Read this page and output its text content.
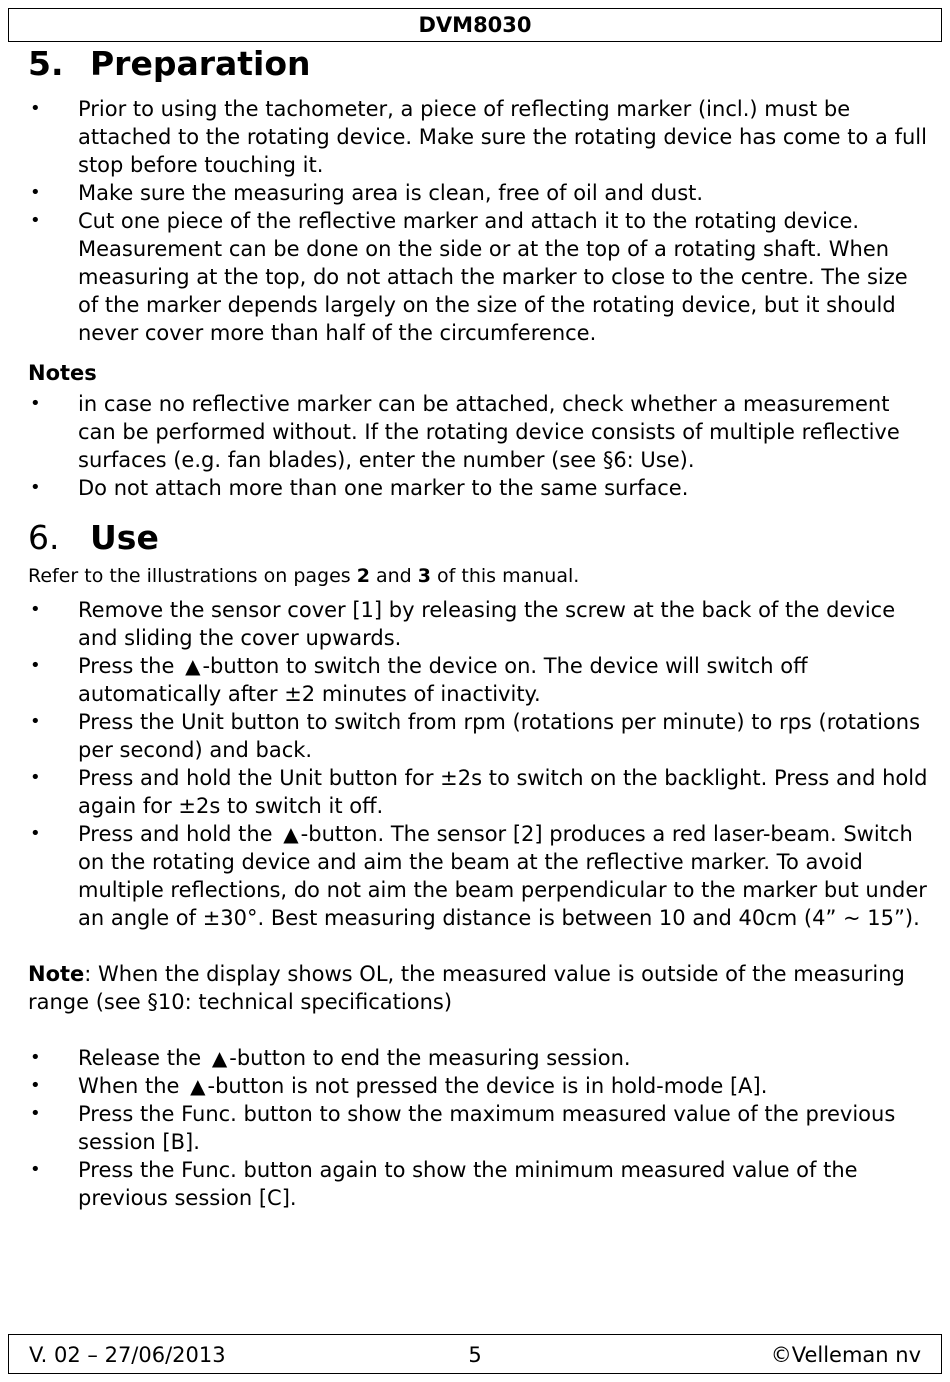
DVM8030
5. Preparation
• Prior to using the tachometer, a piece of reflecting marker (incl.) must be attached to the rotating device. Make sure the rotating device has come to a full stop before touching it.
• Make sure the measuring area is clean, free of oil and dust.
• Cut one piece of the reflective marker and attach it to the rotating device. Measurement can be done on the side or at the top of a rotating shaft. When measuring at the top, do not attach the marker to close to the centre. The size of the marker depends largely on the size of the rotating device, but it should never cover more than half of the circumference.
Notes
• in case no reflective marker can be attached, check whether a measurement can be performed without. If the rotating device consists of multiple reflective surfaces (e.g. fan blades), enter the number (see §6: Use).
• Do not attach more than one marker to the same surface.
6. Use
Refer to the illustrations on pages 2 and 3 of this manual.
• Remove the sensor cover [1] by releasing the screw at the back of the device and sliding the cover upwards.
• Press the ▲-button to switch the device on. The device will switch off automatically after ±2 minutes of inactivity.
• Press the Unit button to switch from rpm (rotations per minute) to rps (rotations per second) and back.
• Press and hold the Unit button for ±2s to switch on the backlight. Press and hold again for ±2s to switch it off.
• Press and hold the ▲-button. The sensor [2] produces a red laser-beam. Switch on the rotating device and aim the beam at the reflective marker. To avoid multiple reflections, do not aim the beam perpendicular to the marker but under an angle of ±30°. Best measuring distance is between 10 and 40cm (4” ~ 15”).
Note: When the display shows OL, the measured value is outside of the measuring range (see §10: technical specifications)
• Release the ▲-button to end the measuring session.
• When the ▲-button is not pressed the device is in hold-mode [A].
• Press the Func. button to show the maximum measured value of the previous session [B].
• Press the Func. button again to show the minimum measured value of the previous session [C].
5
V. 02 – 27/06/2013	©Velleman nv
